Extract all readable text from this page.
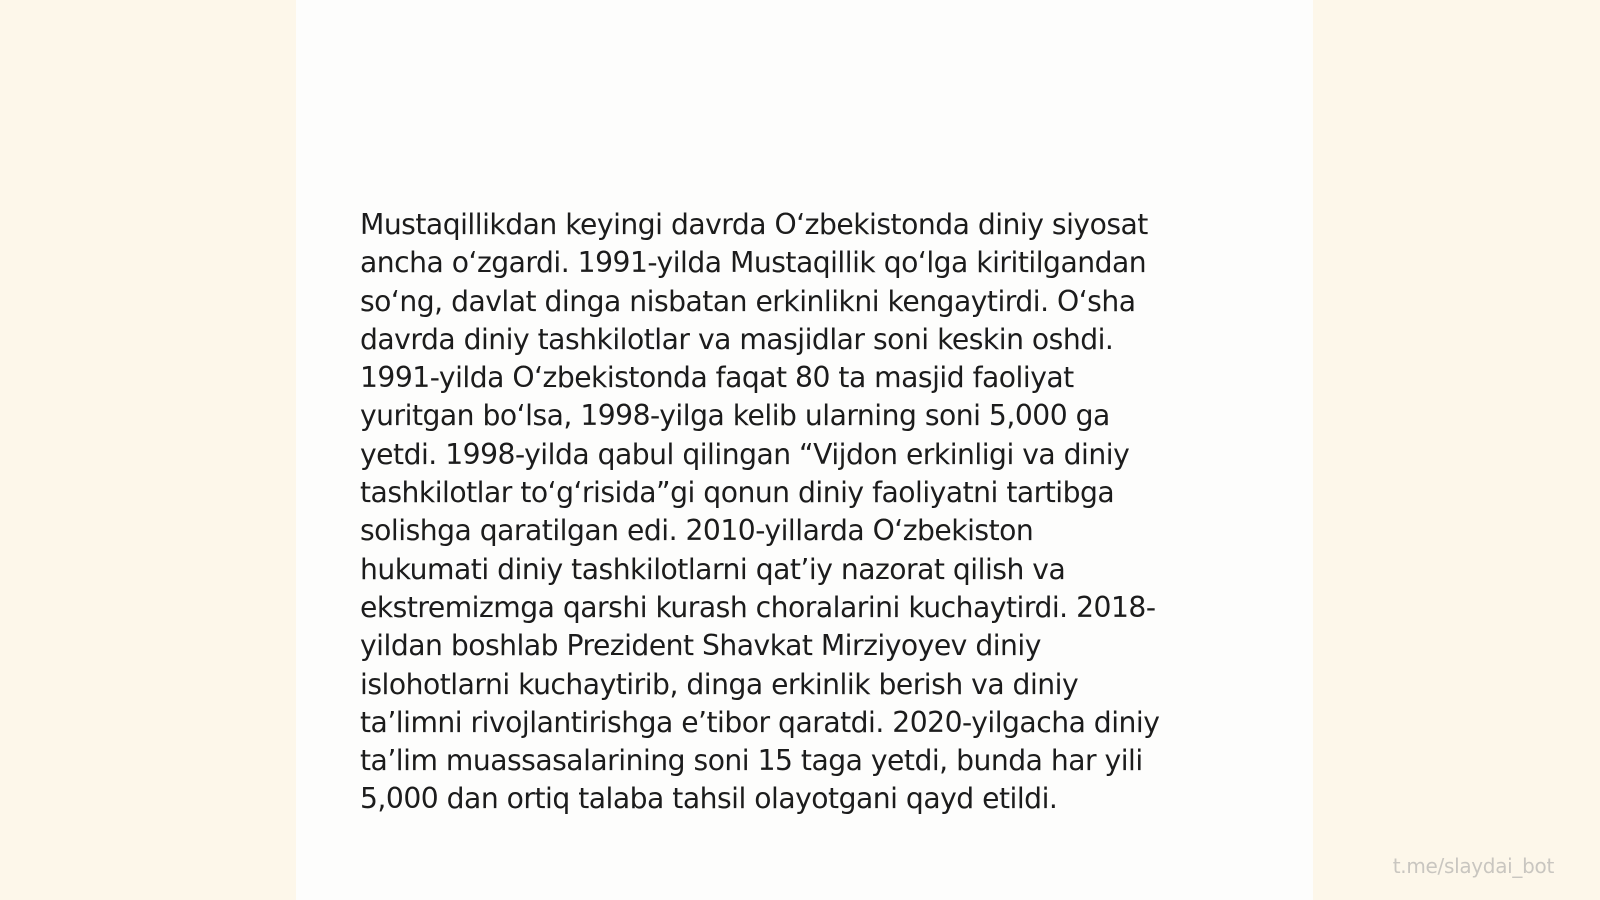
Mustaqillikdan keyingi davrda O‘zbekistonda diniy siyosat
ancha o‘zgardi. 1991-yilda Mustaqillik qo‘lga kiritilgandan
so‘ng, davlat dinga nisbatan erkinlikni kengaytirdi. O‘sha
davrda diniy tashkilotlar va masjidlar soni keskin oshdi.
1991-yilda O‘zbekistonda faqat 80 ta masjid faoliyat
yuritgan bo‘lsa, 1998-yilga kelib ularning soni 5,000 ga
yetdi. 1998-yilda qabul qilingan “Vijdon erkinligi va diniy
tashkilotlar to‘g‘risida”gi qonun diniy faoliyatni tartibga
solishga qaratilgan edi. 2010-yillarda O‘zbekiston
hukumati diniy tashkilotlarni qat’iy nazorat qilish va
ekstremizmga qarshi kurash choralarini kuchaytirdi. 2018-
yildan boshlab Prezident Shavkat Mirziyoyev diniy
islohotlarni kuchaytirib, dinga erkinlik berish va diniy
ta’limni rivojlantirishga e’tibor qaratdi. 2020-yilgacha diniy
ta’lim muassasalarining soni 15 taga yetdi, bunda har yili
5,000 dan ortiq talaba tahsil olayotgani qayd etildi.

t.me/slaydai_bot
